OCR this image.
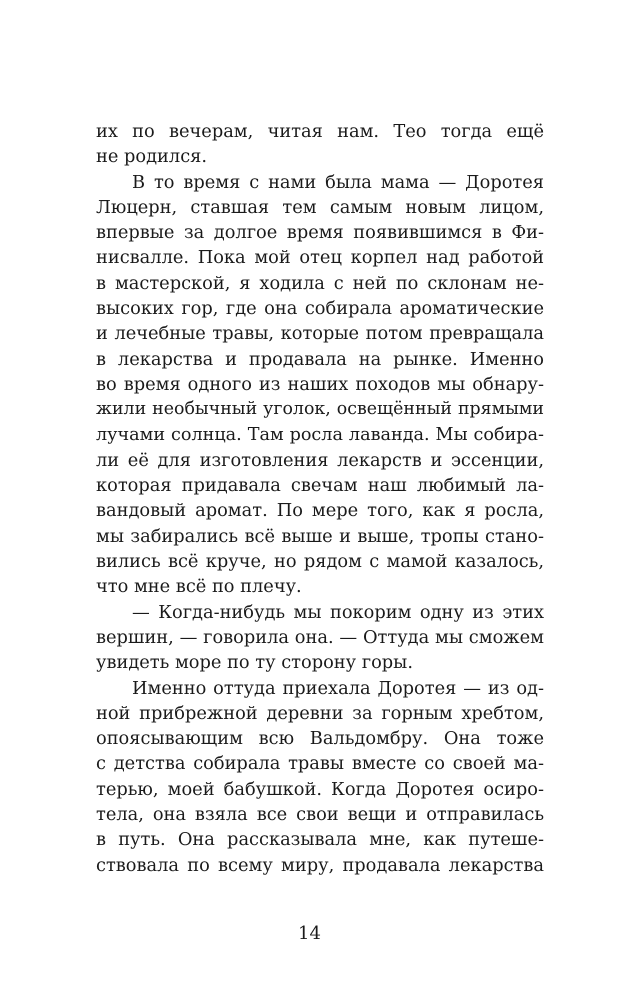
их по вечерам, читая нам. Тео тогда ещё
не родился.
В то время с нами была мама — Доротея
Люцерн, ставшая тем самым новым лицом,
впервые за долгое время появившимся в Фи-
нисвалле. Пока мой отец корпел над работой
в мастерской, я ходила с ней по склонам не-
высоких гор, где она собирала ароматические
и лечебные травы, которые потом превращала
в лекарства и продавала на рынке. Именно
во время одного из наших походов мы обнару-
жили необычный уголок, освещённый прямыми
лучами солнца. Там росла лаванда. Мы собира-
ли её для изготовления лекарств и эссенции,
которая придавала свечам наш любимый ла-
вандовый аромат. По мере того, как я росла,
мы забирались всё выше и выше, тропы стано-
вились всё круче, но рядом с мамой казалось,
что мне всё по плечу.
— Когда-нибудь мы покорим одну из этих
вершин, — говорила она. — Оттуда мы сможем
увидеть море по ту сторону горы.
Именно оттуда приехала Доротея — из од-
ной прибрежной деревни за горным хребтом,
опоясывающим всю Вальдомбру. Она тоже
с детства собирала травы вместе со своей ма-
терью, моей бабушкой. Когда Доротея осиро-
тела, она взяла все свои вещи и отправилась
в путь. Она рассказывала мне, как путеше-
ствовала по всему миру, продавала лекарства
14
